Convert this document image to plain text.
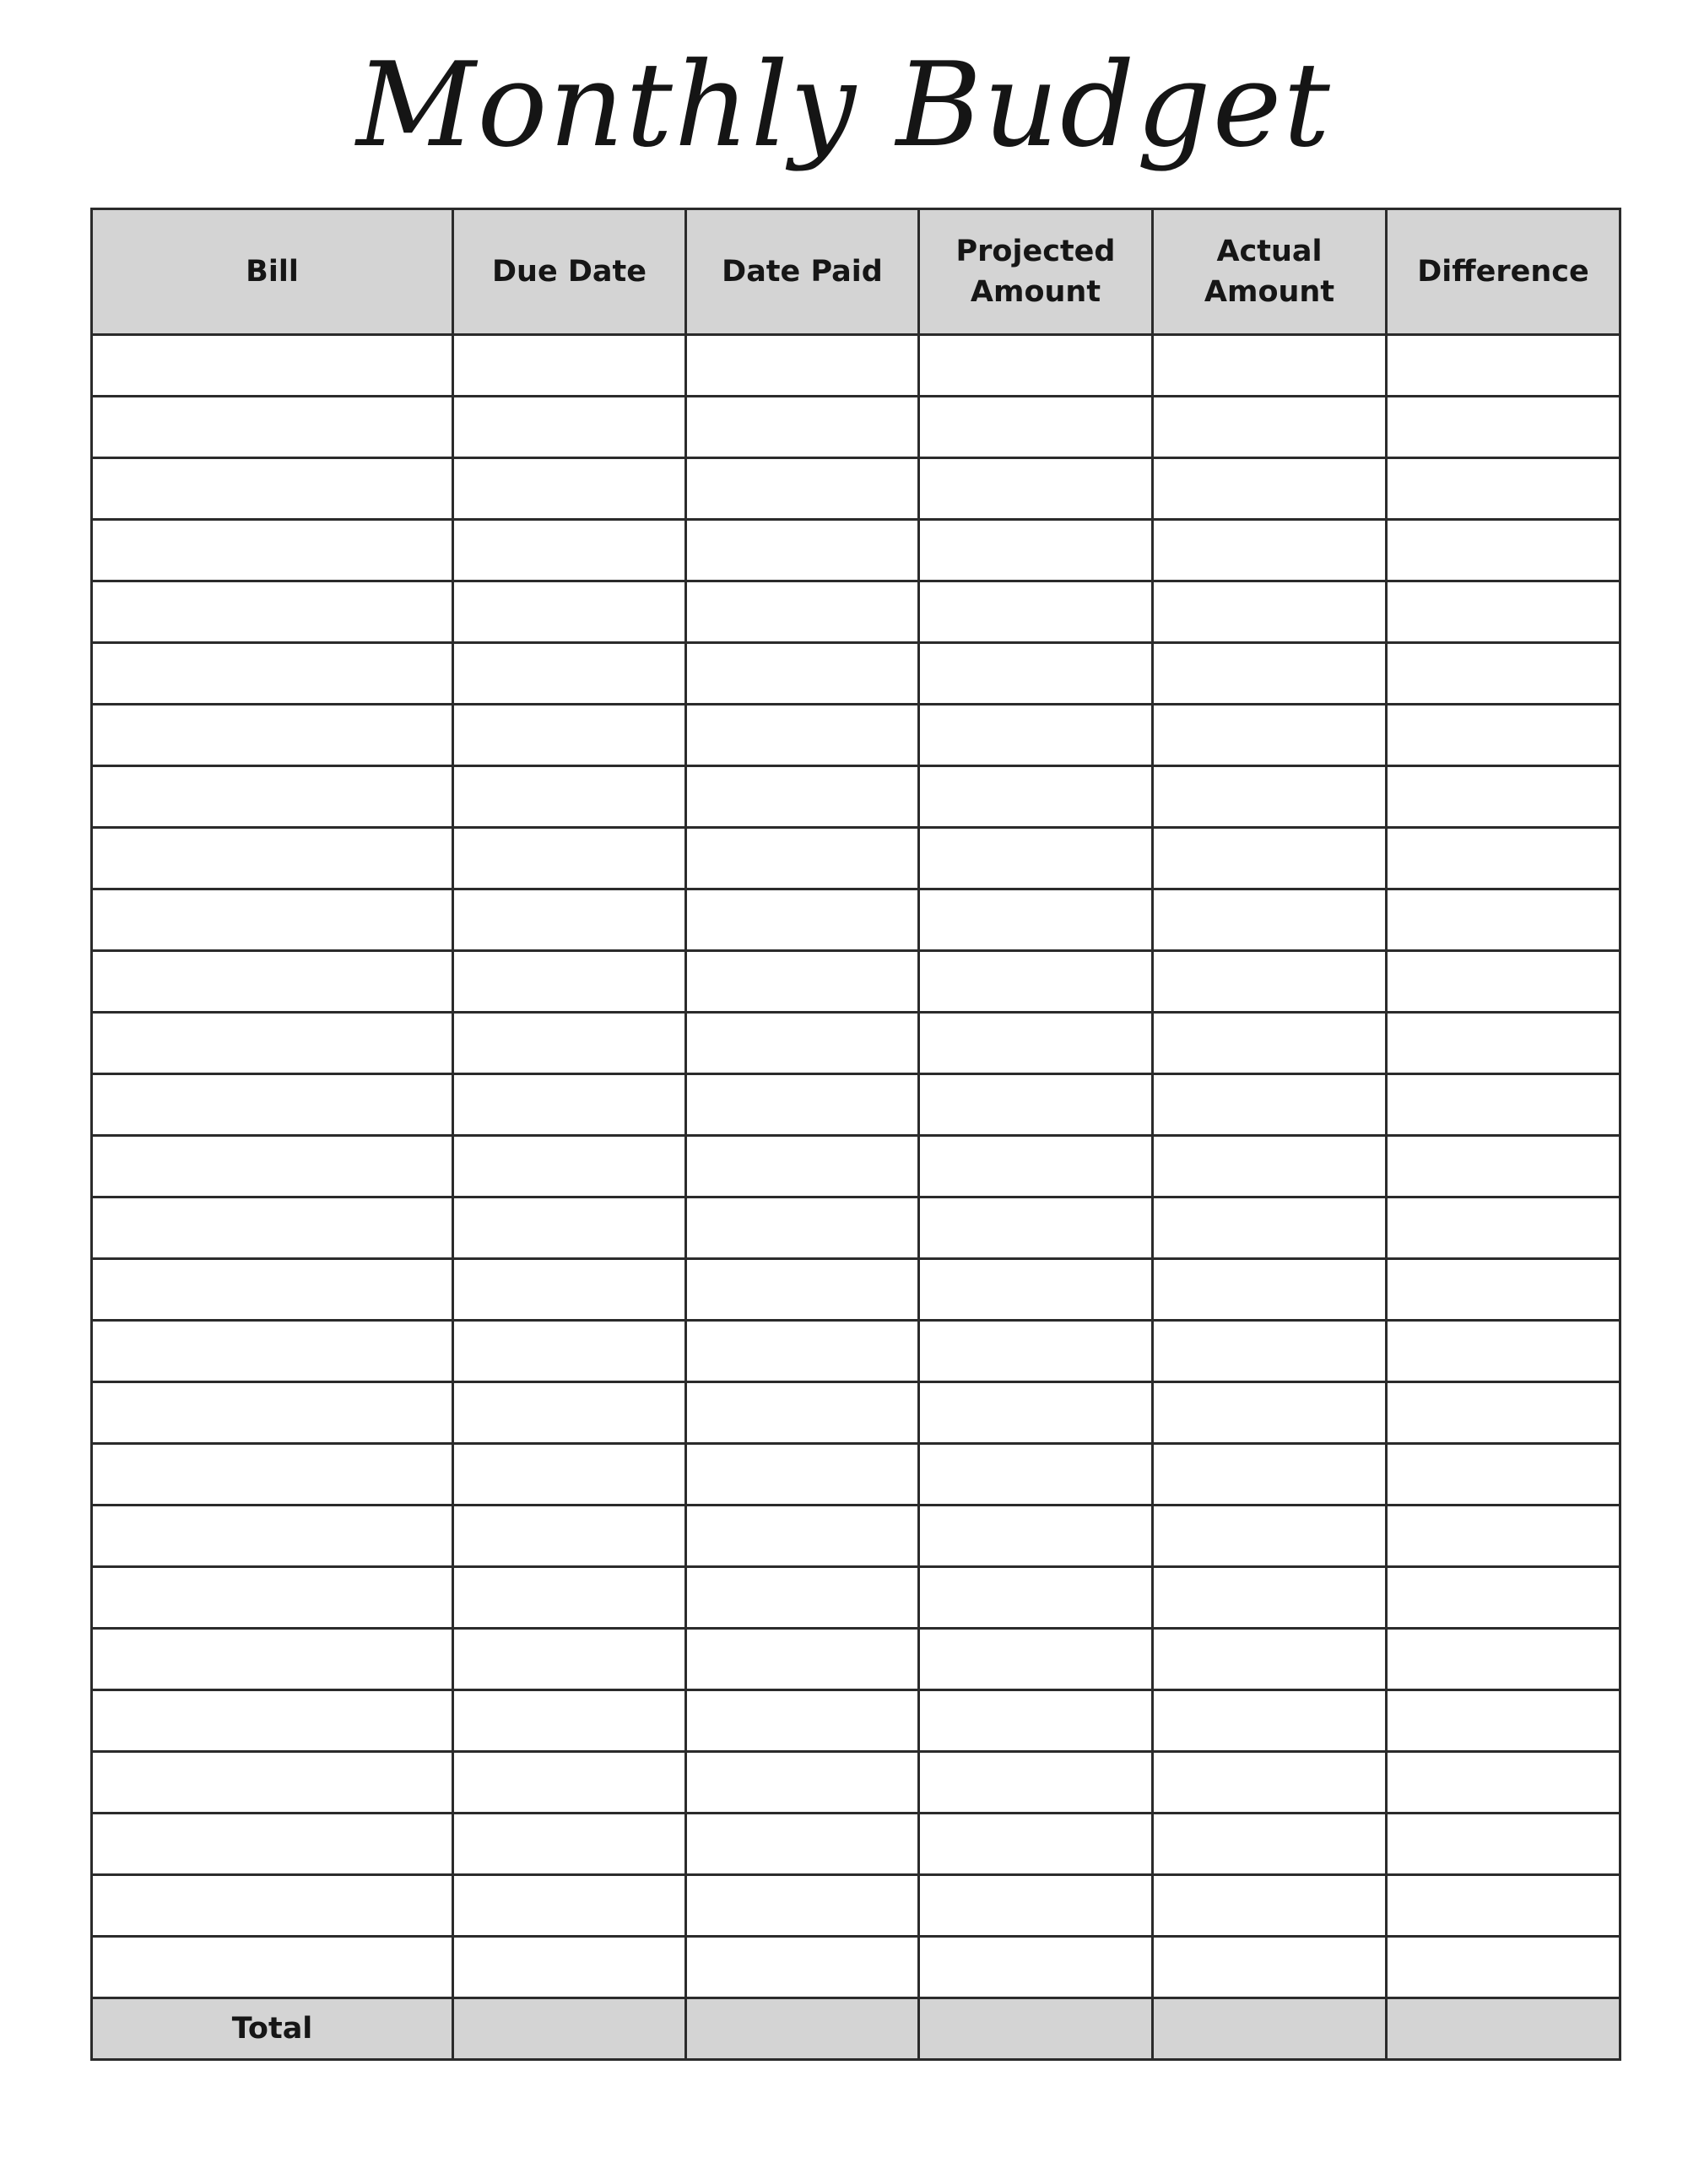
Monthly Budget
Bill	Due Date	Date Paid	Projected Amount	Actual Amount	Difference

Total					
